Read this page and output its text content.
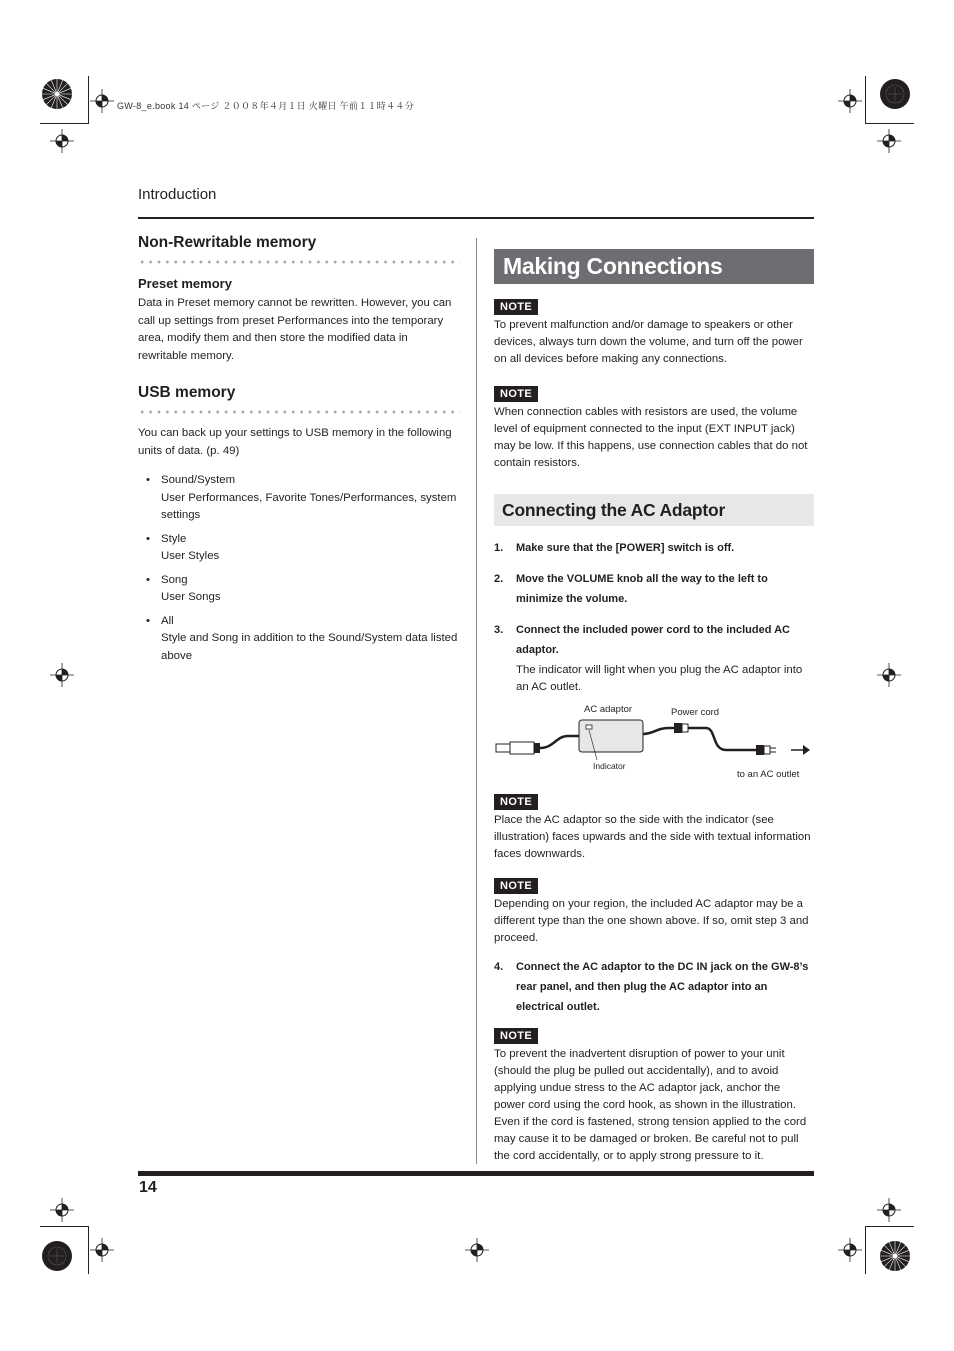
GW-8_e.book 14 ページ ２００８年４月１日 火曜日 午前１１時４４分
Introduction
14
Non-Rewritable memory
Preset memory

Data in Preset memory cannot be rewritten. However, you can call up settings from preset Performances into the temporary area, modify them and then store the modified data in rewritable memory.

USB memory

You can back up your settings to USB memory in the following units of data. (p. 49)

• Sound/System
User Performances, Favorite Tones/Performances, system settings
• Style
User Styles
• Song
User Songs
• All
Style and Song in addition to the Sound/System data listed above
Making Connections
NOTE

To prevent malfunction and/or damage to speakers or other devices, always turn down the volume, and turn off the power on all devices before making any connections.

NOTE

When connection cables with resistors are used, the volume level of equipment connected to the input (EXT INPUT jack) may be low. If this happens, use connection cables that do not contain resistors.

Connecting the AC Adaptor
1. Make sure that the [POWER] switch is off.
2. Move the VOLUME knob all the way to the left to minimize the volume.
3. Connect the included power cord to the included AC adaptor.
The indicator will light when you plug the AC adaptor into an AC outlet.
AC adaptor	Power cord
Indicator
to an AC outlet
NOTE

Place the AC adaptor so the side with the indicator (see illustration) faces upwards and the side with textual information faces downwards.

NOTE

Depending on your region, the included AC adaptor may be a different type than the one shown above. If so, omit step 3 and proceed.

4. Connect the AC adaptor to the DC IN jack on the GW-8’s rear panel, and then plug the AC adaptor into an electrical outlet.
NOTE

To prevent the inadvertent disruption of power to your unit (should the plug be pulled out accidentally), and to avoid applying undue stress to the AC adaptor jack, anchor the power cord using the cord hook, as shown in the illustration. Even if the cord is fastened, strong tension applied to the cord may cause it to be damaged or broken. Be careful not to pull the cord accidentally, or to apply strong pressure to it.
